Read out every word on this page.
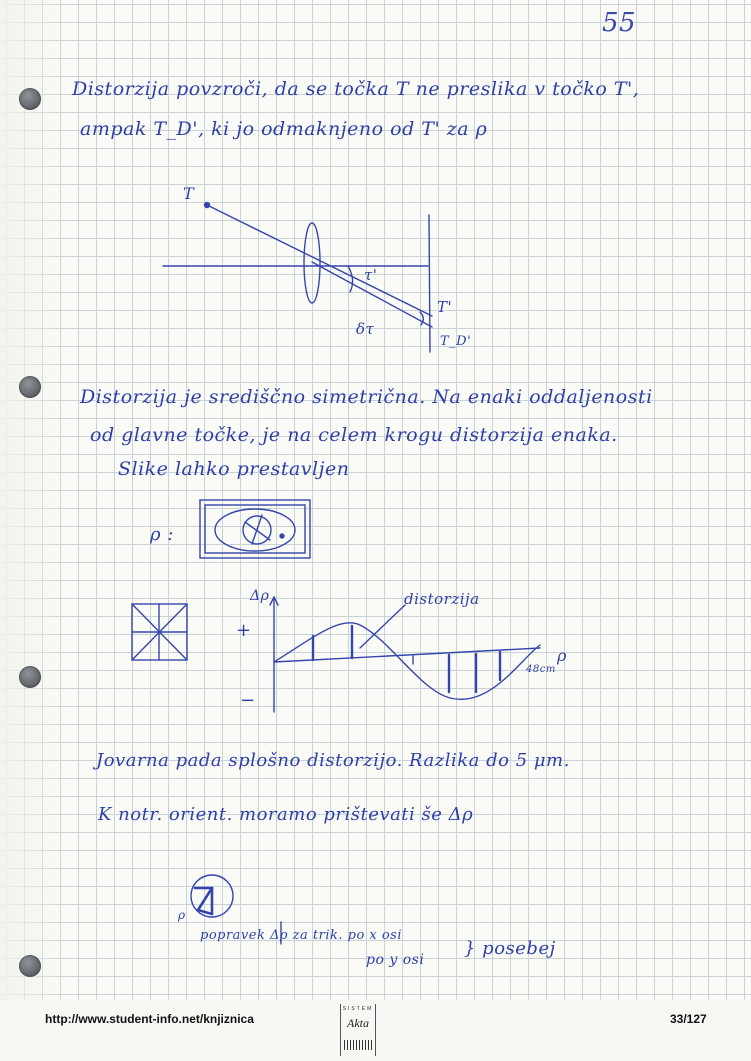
55
Distorzija povzroči, da se točka T ne preslika v točko T',
ampak T_D', ki jo odmaknjeno od T' za ρ
Distorzija je središčno simetrična. Na enaki oddaljenosti
od glavne točke, je na celem krogu distorzija enaka.
Slike lahko prestavljen
Jovarna pada splošno distorzijo. Razlika do 5 μm.
K notr. orient. moramo prištevati še Δρ
T
τ'
δτ
T'
T_D'
ρ :
Δρ
+
−
distorzija
ρ
48cm
ρ
popravek Δρ za trik. po x osi
po y osi
} posebej
http://www.student-info.net/knjiznica
SISTEM
Akta	33/127
